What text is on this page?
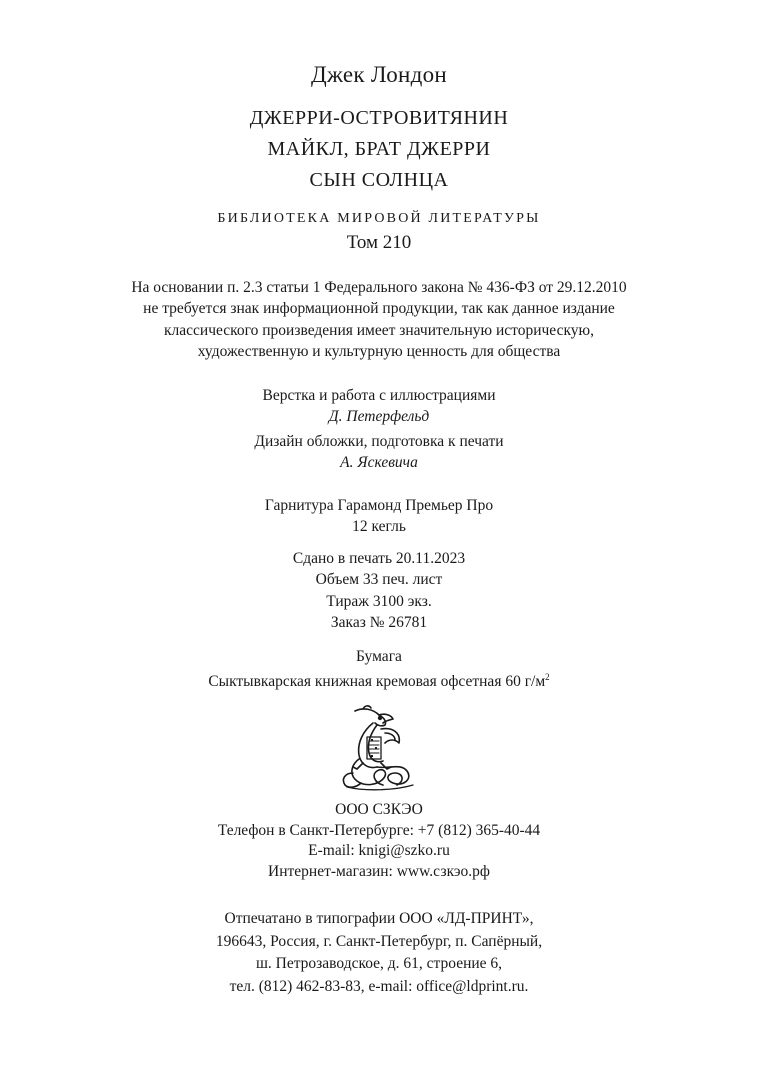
Джек Лондон
ДЖЕРРИ-ОСТРОВИТЯНИН
МАЙКЛ, БРАТ ДЖЕРРИ
СЫН СОЛНЦА
БИБЛИОТЕКА МИРОВОЙ ЛИТЕРАТУРЫ
Том 210
На основании п. 2.3 статьи 1 Федерального закона № 436-ФЗ от 29.12.2010
не требуется знак информационной продукции, так как данное издание
классического произведения имеет значительную историческую,
художественную и культурную ценность для общества
Верстка и работа с иллюстрациями
Д. Петерфельд
Дизайн обложки, подготовка к печати
А. Яскевича
Гарнитура Гарамонд Премьер Про
12 кегль
Сдано в печать 20.11.2023
Объем 33 печ. лист
Тираж 3100 экз.
Заказ № 26781
Бумага
Сыктывкарская книжная кремовая офсетная 60 $г/м^2$
ООО СЗКЭО
Телефон в Санкт-Петербурге: +7 (812) 365-40-44
E-mail: knigi@szko.ru
Интернет-магазин: www.сзкэо.рф
Отпечатано в типографии ООО «ЛД-ПРИНТ»,
196643, Россия, г. Санкт-Петербург, п. Сапёрный,
ш. Петрозаводское, д. 61, строение 6,
тел. (812) 462-83-83, e-mail: office@ldprint.ru.
